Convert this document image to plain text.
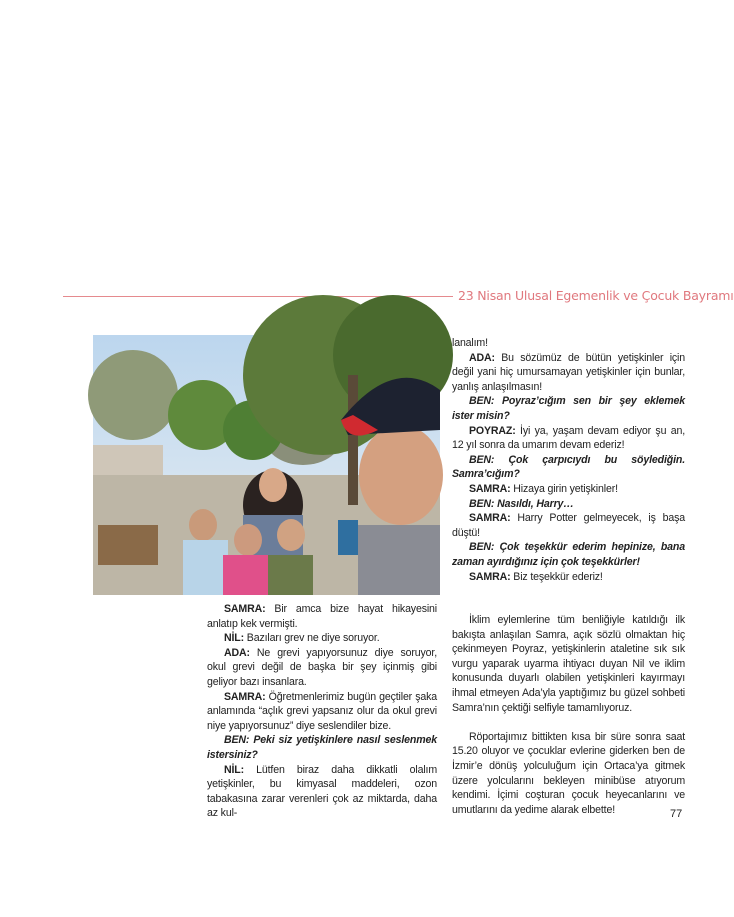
23 Nisan Ulusal Egemenlik ve Çocuk Bayramı

SAMRA: Bir amca bize hayat hikayesini anlatıp kek vermişti.

NİL: Bazıları grev ne diye soruyor.

ADA: Ne grevi yapıyorsunuz diye soruyor, okul grevi değil de başka bir şey içinmiş gibi geliyor bazı insanlara.

SAMRA: Öğretmenlerimiz bugün geçtiler şaka anlamında “açlık grevi yapsanız olur da okul grevi niye yapıyorsunuz” diye seslendiler bize.

BEN: Peki siz yetişkinlere nasıl seslenmek istersiniz?

NİL: Lütfen biraz daha dikkatli olalım yetişkinler, bu kimyasal maddeleri, ozon tabakasına zarar verenleri çok az miktarda, daha az kul-

lanalım!

ADA: Bu sözümüz de bütün yetişkinler için değil yani hiç umursamayan yetişkinler için bunlar, yanlış anlaşılmasın!

BEN: Poyraz’cığım sen bir şey eklemek ister misin?

POYRAZ: İyi ya, yaşam devam ediyor şu an, 12 yıl sonra da umarım devam ederiz!

BEN: Çok çarpıcıydı bu söylediğin. Samra’cığım?

SAMRA: Hizaya girin yetişkinler!

BEN: Nasıldı, Harry…

SAMRA: Harry Potter gelmeyecek, iş başa düştü!

BEN: Çok teşekkür ederim hepinize, bana zaman ayırdığınız için çok teşekkürler!

SAMRA: Biz teşekkür ederiz!

İklim eylemlerine tüm benliğiyle katıldığı ilk bakışta anlaşılan Samra, açık sözlü olmaktan hiç çekinmeyen Poyraz, yetişkinlerin ataletine sık sık vurgu yaparak uyarma ihtiyacı duyan Nil ve iklim konusunda duyarlı olabilen yetişkinleri kayırmayı ihmal etmeyen Ada’yla yaptığımız bu güzel sohbeti Samra’nın çektiği selfiyle tamamlıyoruz.

Röportajımız bittikten kısa bir süre sonra saat 15.20 oluyor ve çocuklar evlerine giderken ben de İzmir’e dönüş yolculuğum için Ortaca’ya gitmek üzere yolcularını bekleyen minibüse atıyorum kendimi. İçimi coşturan çocuk heyecanlarını ve umutlarını da yedime alarak elbette!	77
